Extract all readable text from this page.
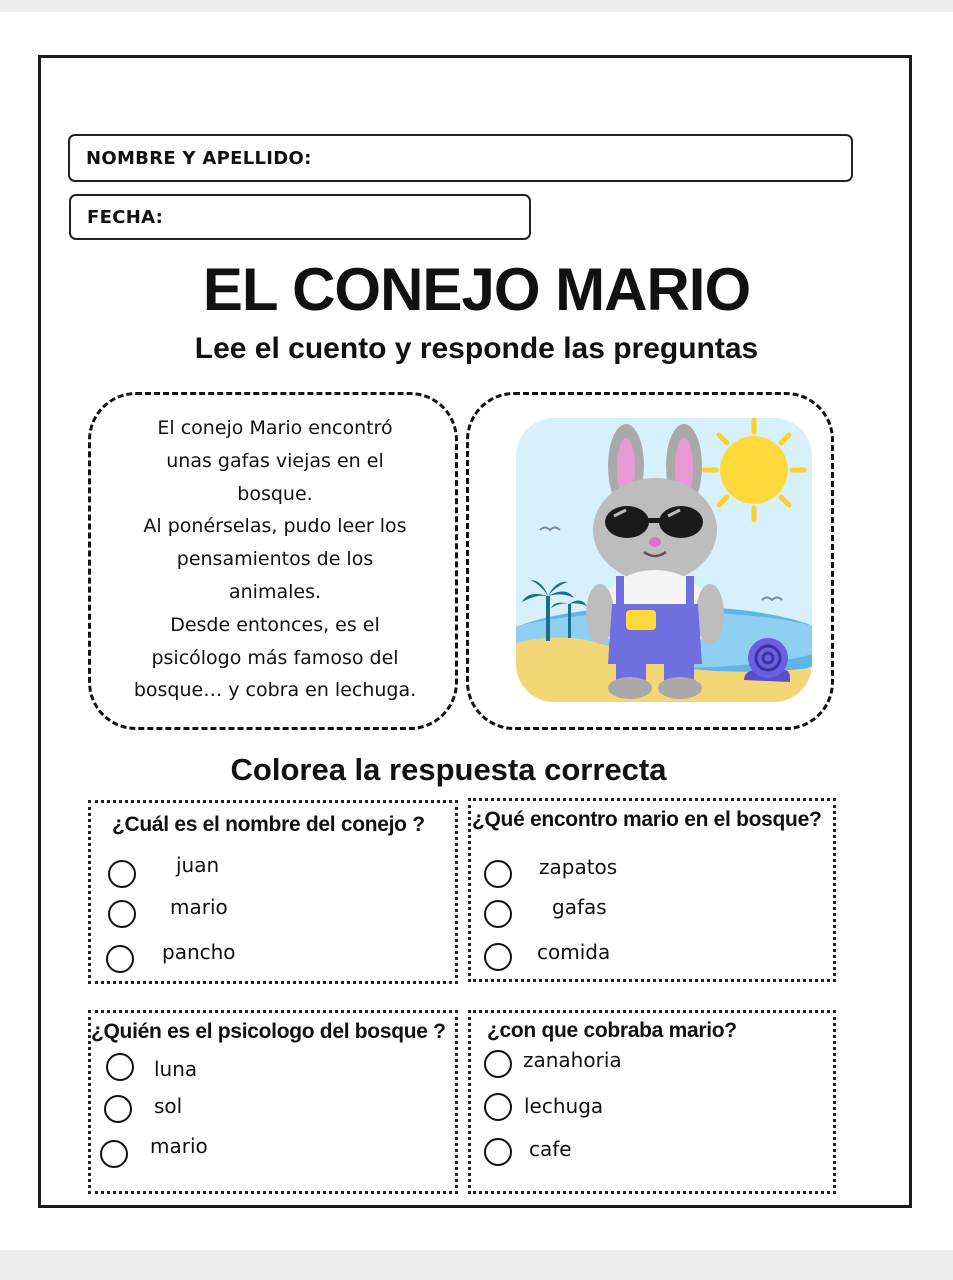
NOMBRE Y APELLIDO:
FECHA:
EL CONEJO MARIO
Lee el cuento y responde las preguntas
El conejo Mario encontró
unas gafas viejas en el
bosque.
Al ponérselas, pudo leer los
pensamientos de los
animales.
Desde entonces, es el
psicólogo más famoso del
bosque… y cobra en lechuga.
Colorea la respuesta correcta
¿Cuál es el nombre del conejo ?
juan
mario
pancho
¿Qué encontro mario en el bosque?
zapatos
gafas
comida
¿Quién es el psicologo del bosque ?
luna
sol
mario
¿con que cobraba mario?
zanahoria
lechuga
cafe
